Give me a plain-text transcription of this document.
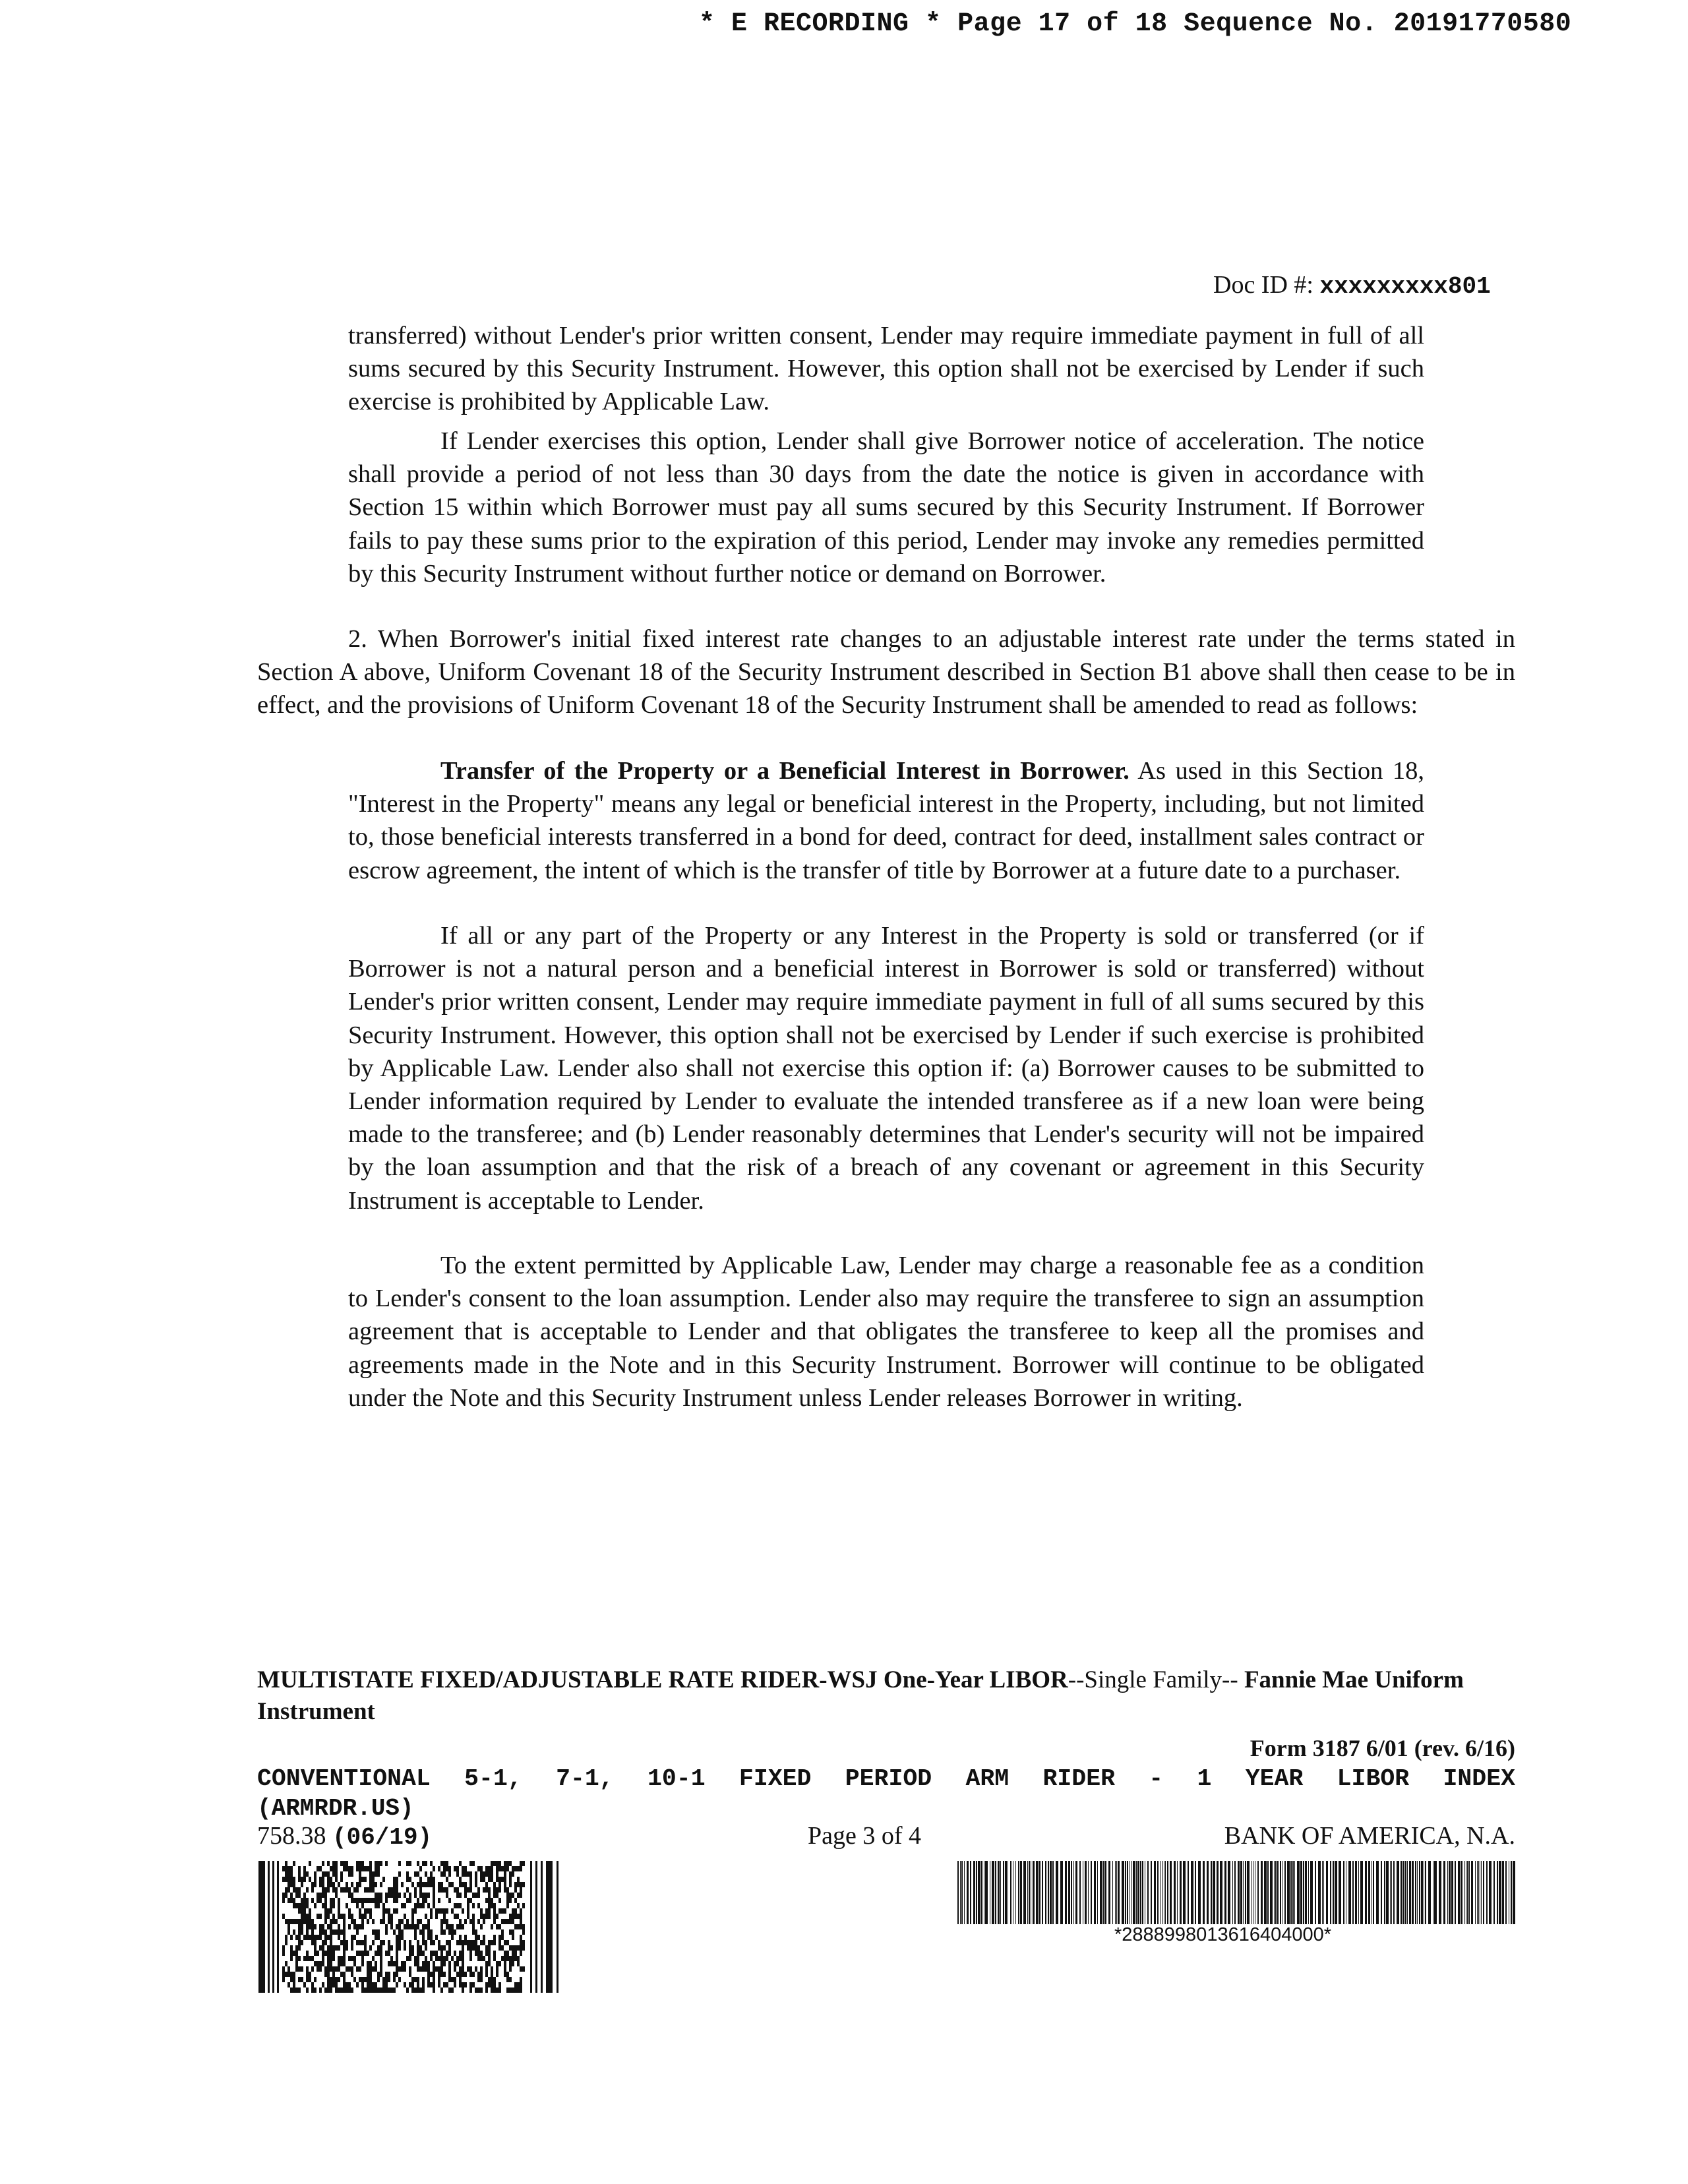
* E RECORDING * Page 17 of 18 Sequence No. 20191770580
Doc ID #: xxxxxxxxx801

transferred) without Lender's prior written consent, Lender may require immediate payment in full of all sums secured by this Security Instrument. However, this option shall not be exercised by Lender if such exercise is prohibited by Applicable Law.

If Lender exercises this option, Lender shall give Borrower notice of acceleration. The notice shall provide a period of not less than 30 days from the date the notice is given in accordance with Section 15 within which Borrower must pay all sums secured by this Security Instrument. If Borrower fails to pay these sums prior to the expiration of this period, Lender may invoke any remedies permitted by this Security Instrument without further notice or demand on Borrower.

2. When Borrower's initial fixed interest rate changes to an adjustable interest rate under the terms stated in Section A above, Uniform Covenant 18 of the Security Instrument described in Section B1 above shall then cease to be in effect, and the provisions of Uniform Covenant 18 of the Security Instrument shall be amended to read as follows:

Transfer of the Property or a Beneficial Interest in Borrower. As used in this Section 18, "Interest in the Property" means any legal or beneficial interest in the Property, including, but not limited to, those beneficial interests transferred in a bond for deed, contract for deed, installment sales contract or escrow agreement, the intent of which is the transfer of title by Borrower at a future date to a purchaser.

If all or any part of the Property or any Interest in the Property is sold or transferred (or if Borrower is not a natural person and a beneficial interest in Borrower is sold or transferred) without Lender's prior written consent, Lender may require immediate payment in full of all sums secured by this Security Instrument. However, this option shall not be exercised by Lender if such exercise is prohibited by Applicable Law. Lender also shall not exercise this option if: (a) Borrower causes to be submitted to Lender information required by Lender to evaluate the intended transferee as if a new loan were being made to the transferee; and (b) Lender reasonably determines that Lender's security will not be impaired by the loan assumption and that the risk of a breach of any covenant or agreement in this Security Instrument is acceptable to Lender.

To the extent permitted by Applicable Law, Lender may charge a reasonable fee as a condition to Lender's consent to the loan assumption. Lender also may require the transferee to sign an assumption agreement that is acceptable to Lender and that obligates the transferee to keep all the promises and agreements made in the Note and in this Security Instrument. Borrower will continue to be obligated under the Note and this Security Instrument unless Lender releases Borrower in writing.

MULTISTATE FIXED/ADJUSTABLE RATE RIDER-WSJ One-Year LIBOR--Single Family-- Fannie Mae Uniform Instrument
Form 3187 6/01 (rev. 6/16)
CONVENTIONAL 5-1, 7-1, 10-1 FIXED PERIOD ARM RIDER - 1 YEAR LIBOR INDEX
(ARMRDR.US)
758.38 (06/19)	Page 3 of 4	BANK OF AMERICA, N.A.
*2888998013616404000*
